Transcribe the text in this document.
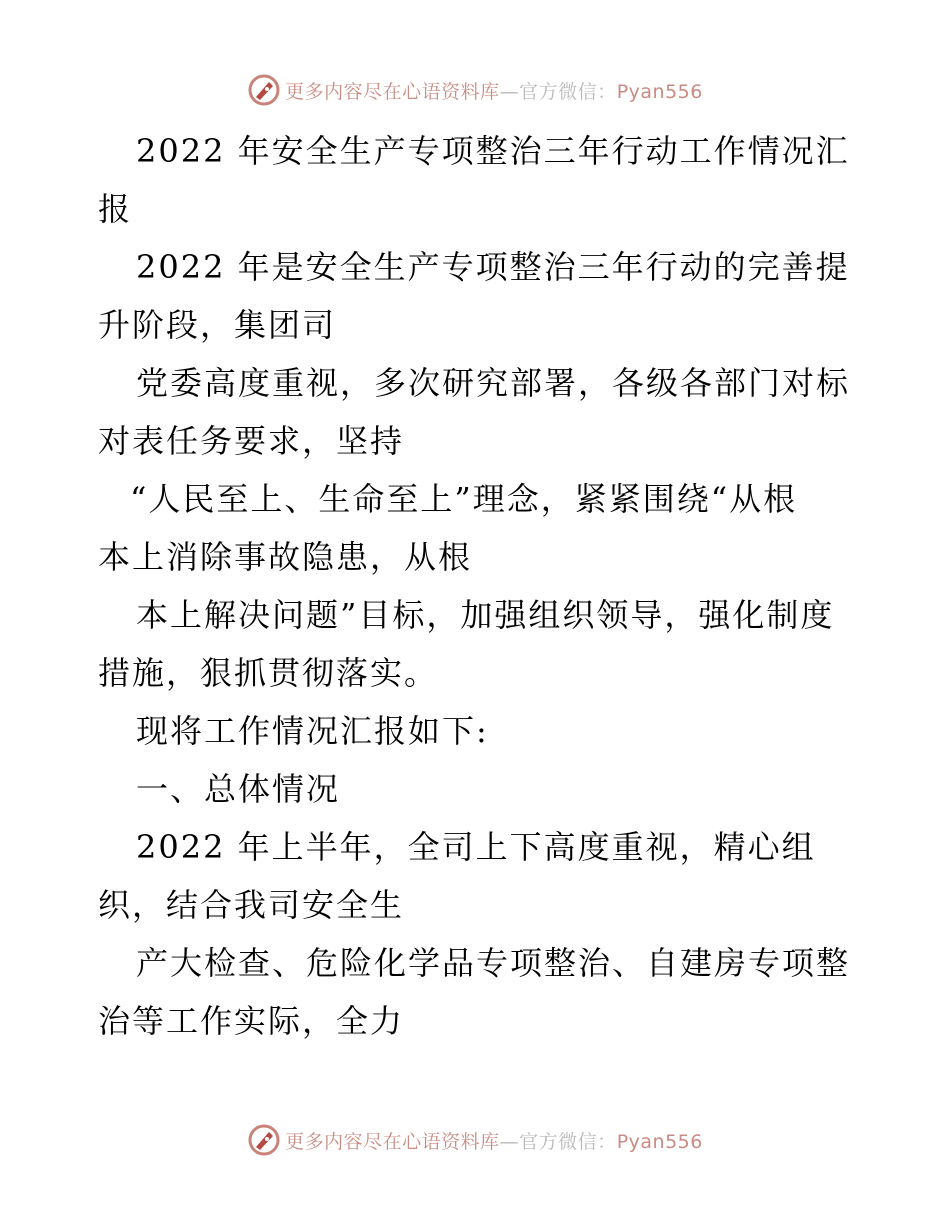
更多内容尽在心语资料库—官方微信：Pyan556
2022 年安全生产专项整治三年行动工作情况汇
报
2022 年是安全生产专项整治三年行动的完善提
升阶段，集团司
党委高度重视，多次研究部署，各级各部门对标
对表任务要求，坚持
“人民至上、生命至上”理念，紧紧围绕“从根
本上消除事故隐患，从根
本上解决问题”目标，加强组织领导，强化制度
措施，狠抓贯彻落实。
现将工作情况汇报如下:
一、总体情况
2022 年上半年，全司上下高度重视，精心组
织，结合我司安全生
产大检查、危险化学品专项整治、自建房专项整
治等工作实际，全力
更多内容尽在心语资料库—官方微信：Pyan556
